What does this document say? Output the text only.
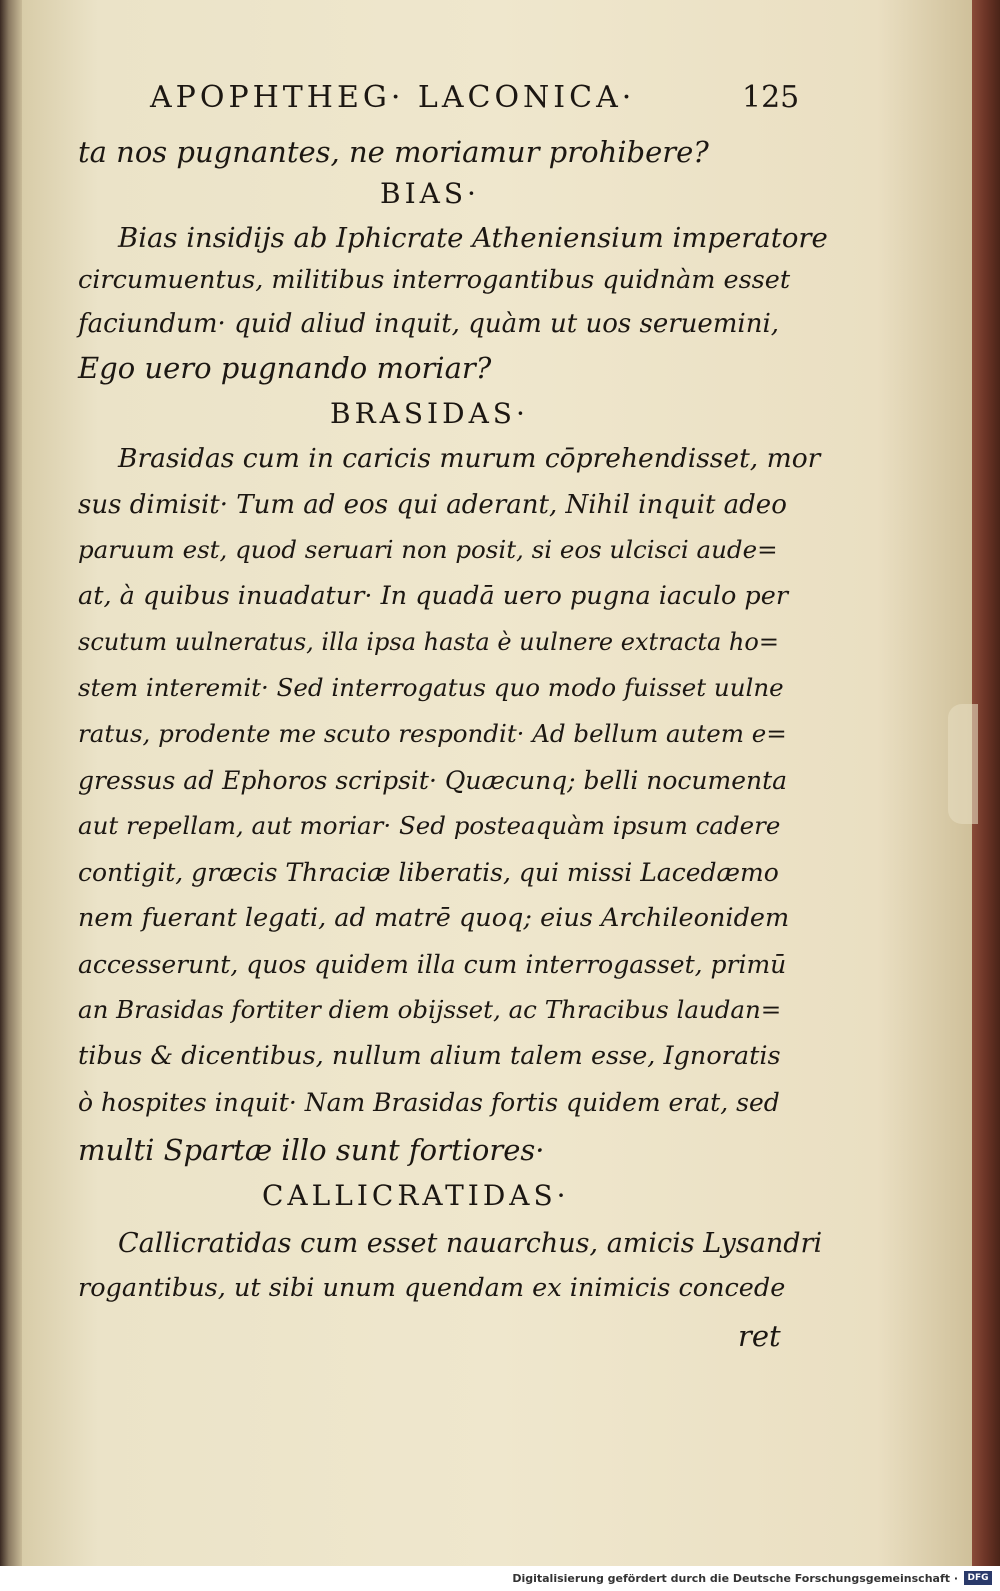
APOPHTHEG· LACONICA·	125
ta nos pugnantes, ne moriamur prohibere?
BIAS·
Bias insidijs ab Iphicrate Atheniensium imperatore
circumuentus, militibus interrogantibus quidnàm esset
faciundum· quid aliud inquit, quàm ut uos seruemini,
Ego uero pugnando moriar?
BRASIDAS·
Brasidas cum in caricis murum cōprehendisset, mor
sus dimisit· Tum ad eos qui aderant, Nihil inquit adeo
paruum est, quod seruari non posit, si eos ulcisci aude=
at, à quibus inuadatur· In quadā uero pugna iaculo per
scutum uulneratus, illa ipsa hasta è uulnere extracta ho=
stem interemit· Sed interrogatus quo modo fuisset uulne
ratus, prodente me scuto respondit· Ad bellum autem e=
gressus ad Ephoros scripsit· Quæcunq; belli nocumenta
aut repellam, aut moriar· Sed posteaquàm ipsum cadere
contigit, græcis Thraciæ liberatis, qui missi Lacedæmo
nem fuerant legati, ad matrē quoq; eius Archileonidem
accesserunt, quos quidem illa cum interrogasset, primū
an Brasidas fortiter diem obijsset, ac Thracibus laudan=
tibus & dicentibus, nullum alium talem esse, Ignoratis
ò hospites inquit· Nam Brasidas fortis quidem erat, sed
multi Spartæ illo sunt fortiores·
CALLICRATIDAS·
Callicratidas cum esset nauarchus, amicis Lysandri
rogantibus, ut sibi unum quendam ex inimicis concede
ret
Digitalisierung gefördert durch die Deutsche Forschungsgemeinschaft ·	DFG
